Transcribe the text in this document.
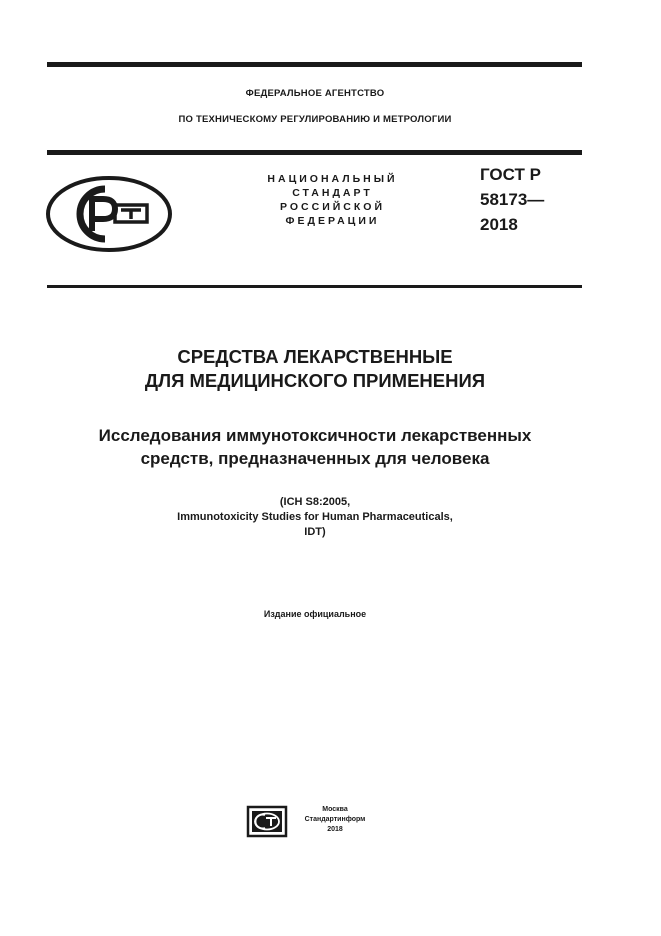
ФЕДЕРАЛЬНОЕ АГЕНТСТВО
ПО ТЕХНИЧЕСКОМУ РЕГУЛИРОВАНИЮ И МЕТРОЛОГИИ
НАЦИОНАЛЬНЫЙ
СТАНДАРТ
РОССИЙСКОЙ
ФЕДЕРАЦИИ
ГОСТ Р
58173—
2018
СРЕДСТВА ЛЕКАРСТВЕННЫЕ
ДЛЯ МЕДИЦИНСКОГО ПРИМЕНЕНИЯ
Исследования иммунотоксичности лекарственных
средств, предназначенных для человека
(ICH S8:2005,
Immunotoxicity Studies for Human Pharmaceuticals,
IDT)
Издание официальное
Москва
Стандартинформ
2018
